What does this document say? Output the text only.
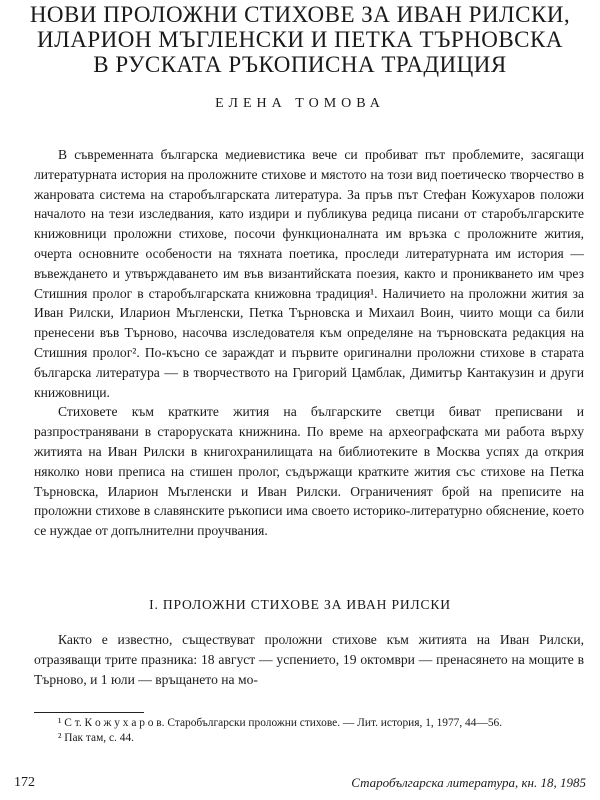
НОВИ ПРОЛОЖНИ СТИХОВЕ ЗА ИВАН РИЛСКИ,
ИЛАРИОН МЪГЛЕНСКИ И ПЕТКА ТЪРНОВСКА
В РУСКАТА РЪКОПИСНА ТРАДИЦИЯ
ЕЛЕНА ТОМОВА

В съвременната българска медиевистика вече си пробиват път проблемите, засягащи литературната история на проложните стихове и мястото на този вид поетическо творчество в жанровата система на старобългарската литература. За пръв път Стефан Кожухаров положи началото на тези изследвания, като издири и публикува редица писани от старобългарските книжовници проложни стихове, посочи функционалната им връзка с проложните жития, очерта основните особености на тяхната поетика, проследи литературната им история — въвеждането и утвърждаването им във византийската поезия, както и проникването им чрез Стишния пролог в старобългарската книжовна традиция¹. Наличието на проложни жития за Иван Рилски, Иларион Мъгленски, Петка Търновска и Михаил Воин, чиито мощи са били пренесени във Търново, насочва изследователя към определяне на търновската редакция на Стишния пролог². По-късно се зараждат и първите оригинални проложни стихове в старата българска литература — в творчеството на Григорий Цамблак, Димитър Кантакузин и други книжовници.

Стиховете към кратките жития на българските светци биват преписвани и разпространявани в староруската книжнина. По време на археографската ми работа върху житията на Иван Рилски в книгохранилищата на библиотеките в Москва успях да открия няколко нови преписа на стишен пролог, съдържащи кратките жития със стихове на Петка Търновска, Иларион Мъгленски и Иван Рилски. Ограниченият брой на преписите на проложни стихове в славянските ръкописи има своето историко-литературно обяснение, което се нуждае от допълнителни проучвания.

I. ПРОЛОЖНИ СТИХОВЕ ЗА ИВАН РИЛСКИ

Както е известно, съществуват проложни стихове към житията на Иван Рилски, отразяващи трите празника: 18 август — успението, 19 октомври — пренасянето на мощите в Търново, и 1 юли — връщането на мо-

¹ С т. К о ж у х а р о в. Старобългарски проложни стихове. — Лит. история, 1, 1977, 44—56.
² Пак там, с. 44.
172	Старобългарска литература, кн. 18, 1985
